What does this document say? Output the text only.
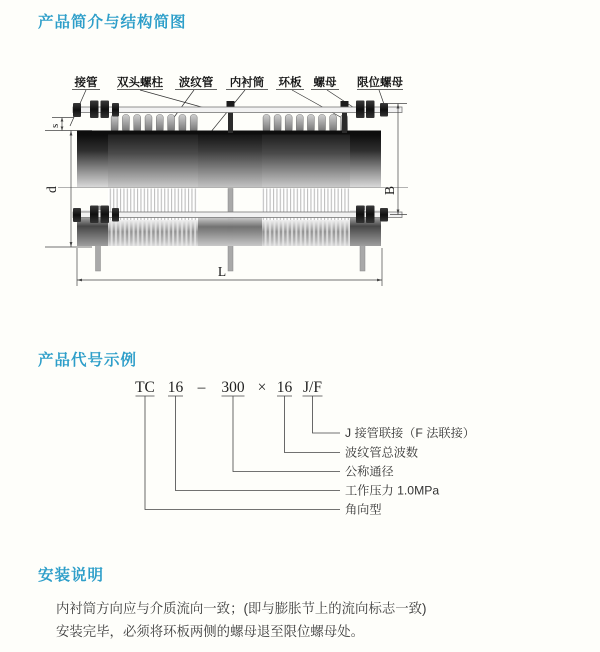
产品简介与结构简图
接管 双头螺柱 波纹管 内衬筒 环板 螺母 限位螺母
s
d	B
L
产品代号示例
TC 16 – 300 × 16 J/F
J 接管联接（F 法联接）
波纹管总波数
公称通径
工作压力 1.0MPa
角向型
安装说明
内衬筒方向应与介质流向一致；(即与膨胀节上的流向标志一致)
安装完毕，必须将环板两侧的螺母退至限位螺母处。
